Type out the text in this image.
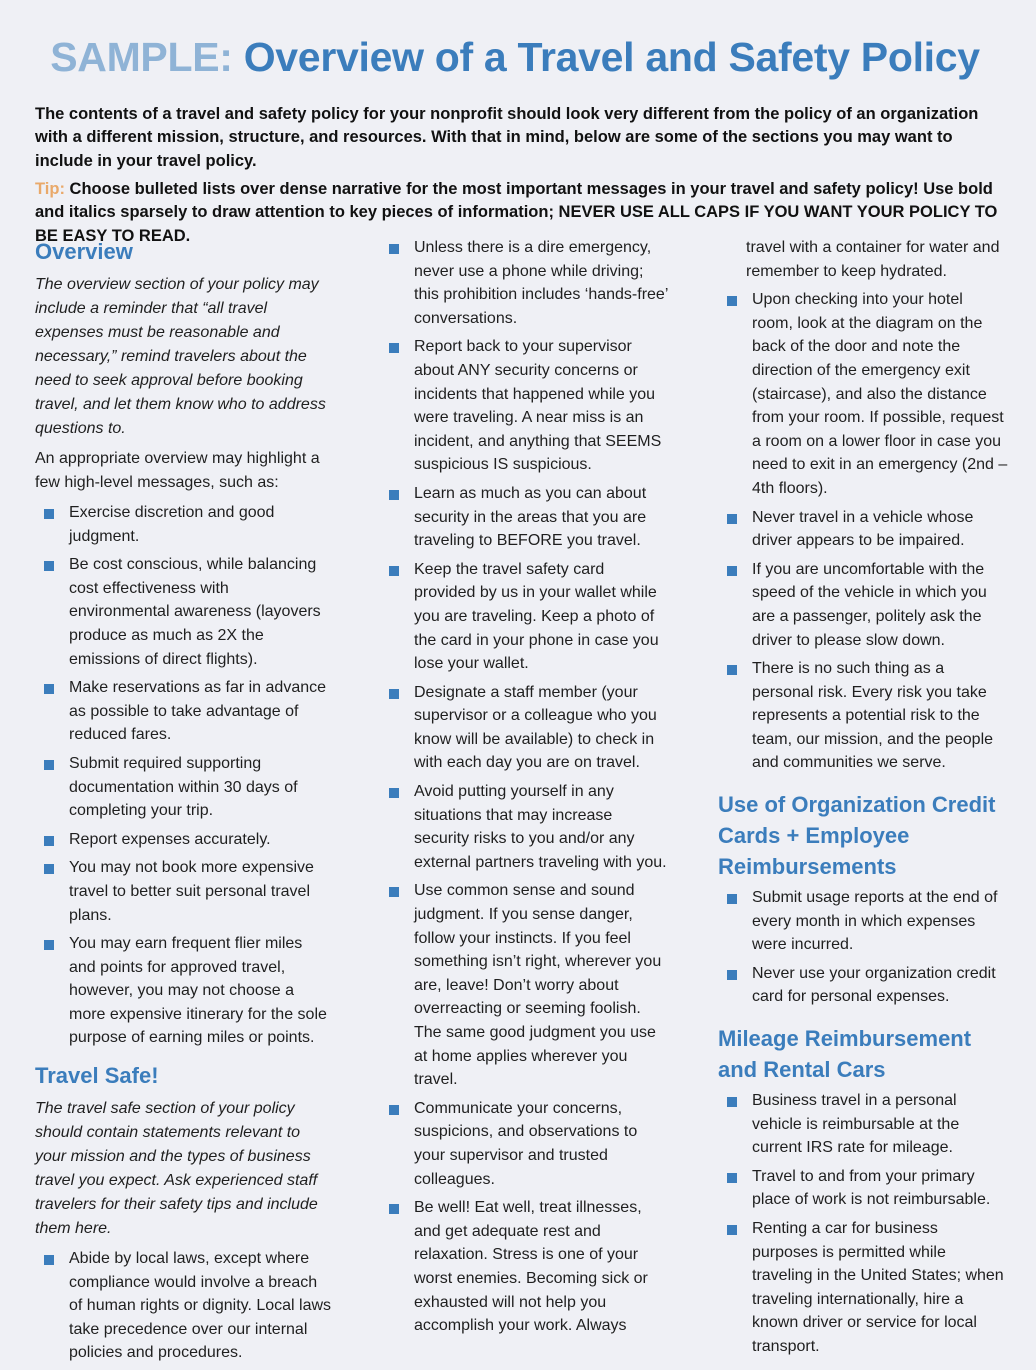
SAMPLE: Overview of a Travel and Safety Policy

The contents of a travel and safety policy for your nonprofit should look very different from the policy of an organization with a different mission, structure, and resources. With that in mind, below are some of the sections you may want to include in your travel policy.

Tip: Choose bulleted lists over dense narrative for the most important messages in your travel and safety policy! Use bold and italics sparsely to draw attention to key pieces of information; NEVER USE ALL CAPS IF YOU WANT YOUR POLICY TO BE EASY TO READ.

Overview

The overview section of your policy may include a reminder that “all travel expenses must be reasonable and necessary,” remind travelers about the need to seek approval before booking travel, and let them know who to address questions to.

An appropriate overview may highlight a few high-level messages, such as:

Exercise discretion and good judgment.
Be cost conscious, while balancing cost effectiveness with environmental awareness (layovers produce as much as 2X the emissions of direct flights).
Make reservations as far in advance as possible to take advantage of reduced fares.
Submit required supporting documentation within 30 days of completing your trip.
Report expenses accurately.
You may not book more expensive travel to better suit personal travel plans.
You may earn frequent flier miles and points for approved travel, however, you may not choose a more expensive itinerary for the sole purpose of earning miles or points.
Travel Safe!

The travel safe section of your policy should contain statements relevant to your mission and the types of business travel you expect. Ask experienced staff travelers for their safety tips and include them here.

Abide by local laws, except where compliance would involve a breach of human rights or dignity. Local laws take precedence over our internal policies and procedures.
Unless there is a dire emergency, never use a phone while driving; this prohibition includes ‘hands-free’ conversations.
Report back to your supervisor about ANY security concerns or incidents that happened while you were traveling. A near miss is an incident, and anything that SEEMS suspicious IS suspicious.
Learn as much as you can about security in the areas that you are traveling to BEFORE you travel.
Keep the travel safety card provided by us in your wallet while you are traveling. Keep a photo of the card in your phone in case you lose your wallet.
Designate a staff member (your supervisor or a colleague who you know will be available) to check in with each day you are on travel.
Avoid putting yourself in any situations that may increase security risks to you and/or any external partners traveling with you.
Use common sense and sound judgment. If you sense danger, follow your instincts. If you feel something isn’t right, wherever you are, leave! Don’t worry about overreacting or seeming foolish. The same good judgment you use at home applies wherever you travel.
Communicate your concerns, suspicions, and observations to your supervisor and trusted colleagues.
Be well! Eat well, treat illnesses, and get adequate rest and relaxation. Stress is one of your worst enemies. Becoming sick or exhausted will not help you accomplish your work. Always
travel with a container for water and remember to keep hydrated.
Upon checking into your hotel room, look at the diagram on the back of the door and note the direction of the emergency exit (staircase), and also the distance from your room. If possible, request a room on a lower floor in case you need to exit in an emergency (2nd – 4th floors).
Never travel in a vehicle whose driver appears to be impaired.
If you are uncomfortable with the speed of the vehicle in which you are a passenger, politely ask the driver to please slow down.
There is no such thing as a personal risk. Every risk you take represents a potential risk to the team, our mission, and the people and communities we serve.
Use of Organization Credit Cards + Employee Reimbursements
Submit usage reports at the end of every month in which expenses were incurred.
Never use your organization credit card for personal expenses.
Mileage Reimbursement and Rental Cars
Business travel in a personal vehicle is reimbursable at the current IRS rate for mileage.
Travel to and from your primary place of work is not reimbursable.
Renting a car for business purposes is permitted while traveling in the United States; when traveling internationally, hire a known driver or service for local transport.
